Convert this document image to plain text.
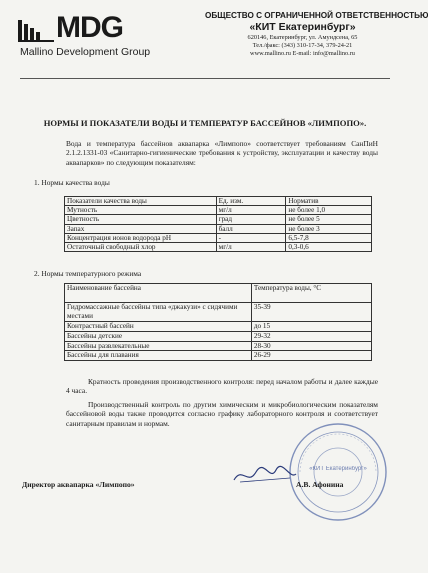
MDG
Mallino Development Group
ОБЩЕСТВО С ОГРАНИЧЕННОЙ ОТВЕТСТВЕННОСТЬЮ
«КИТ Екатеринбург»
620146, Екатеринбург, ул. Амундсена, 65
Тел./факс: (343) 310-17-34, 379-24-21
www.mallino.ru E-mail: info@mallino.ru
НОРМЫ И ПОКАЗАТЕЛИ ВОДЫ И ТЕМПЕРАТУР БАССЕЙНОВ «ЛИМПОПО».
Вода и температура бассейнов аквапарка «Лимпопо» соответствует требованиям СанПиН 2.1.2.1331-03 «Санитарно-гигиенические требования к устройству, эксплуатации и качеству воды аквапарков» по следующим показателям:
1. Нормы качества воды
Показатели качества воды	Ед. изм.	Норматив
Мутность	мг/л	не более 1,0
Цветность	град	не более 5
Запах	балл	не более 3
Концентрация ионов водорода рН	-	6,5-7,8
Остаточный свободный хлор	мг/л	0,3-0,6
2. Нормы температурного режима
Наименование бассейна	Температура воды, °С
Гидромассажные бассейны типа «джакузи» с сидячими местами	35-39
Контрастный бассейн	до 15
Бассейны детские	29-32
Бассейны развлекательные	28-30
Бассейны для плавания	26-29
Кратность проведения производственного контроля: перед началом работы и далее каждые 4 часа.
Производственный контроль по другим химическим и микробиологическим показателям бассейновой воды также проводится согласно графику лабораторного контроля и соответствует санитарным правилам и нормам.
«КИТ Екатеринбург»
Директор аквапарка «Лимпопо»	А.В. Афонина
